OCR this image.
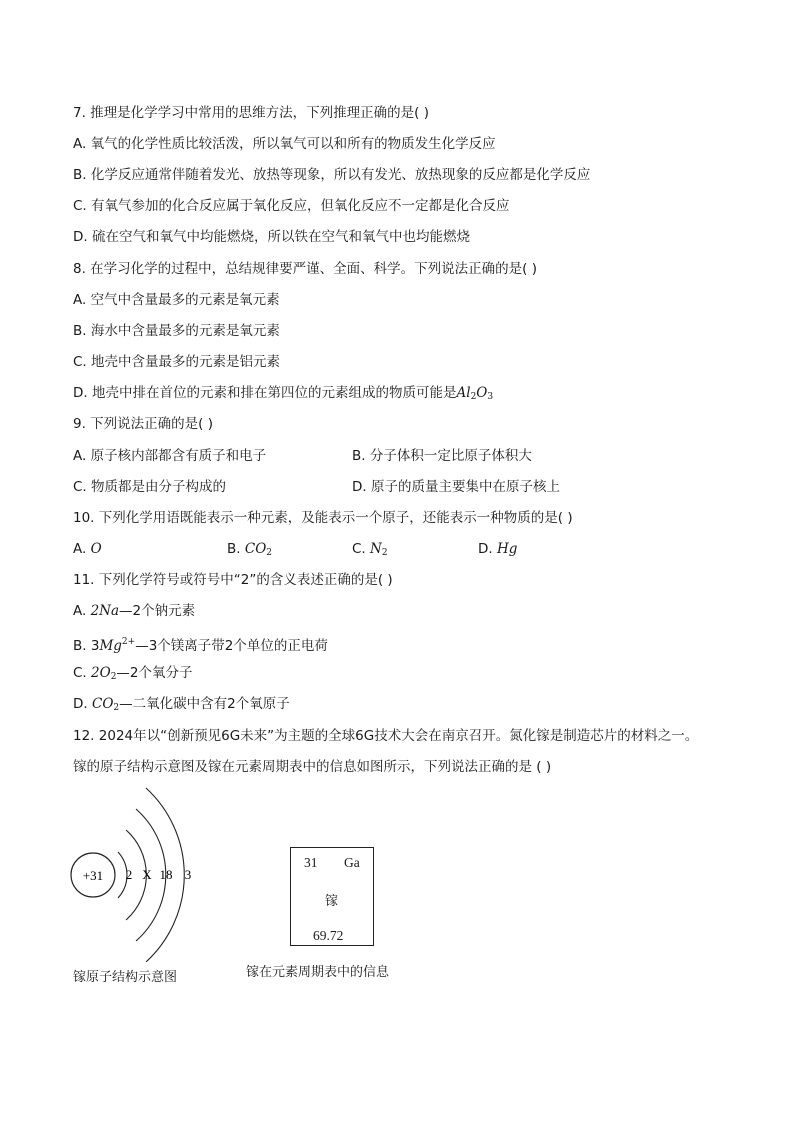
7. 推理是化学学习中常用的思维方法，下列推理正确的是( )
A. 氧气的化学性质比较活泼，所以氧气可以和所有的物质发生化学反应
B. 化学反应通常伴随着发光、放热等现象，所以有发光、放热现象的反应都是化学反应
C. 有氧气参加的化合反应属于氧化反应，但氧化反应不一定都是化合反应
D. 硫在空气和氧气中均能燃烧，所以铁在空气和氧气中也均能燃烧
8. 在学习化学的过程中，总结规律要严谨、全面、科学。下列说法正确的是( )
A. 空气中含量最多的元素是氧元素
B. 海水中含量最多的元素是氧元素
C. 地壳中含量最多的元素是铝元素
D. 地壳中排在首位的元素和排在第四位的元素组成的物质可能是$Al_2O_3$
9. 下列说法正确的是( )
A. 原子核内部都含有质子和电子	B. 分子体积一定比原子体积大
C. 物质都是由分子构成的	D. 原子的质量主要集中在原子核上
10. 下列化学用语既能表示一种元素，及能表示一个原子，还能表示一种物质的是( )
A. O	B. $CO_2$	C. $N_2$	D. Hg
11. 下列化学符号或符号中“2”的含义表述正确的是( )
A. 2Na—2个钠元素
B. $3Mg^{2+}—3$个镁离子带2个单位的正电荷
C. $2O_2—2$个氧分子
D. $CO_2—$二氧化碳中含有2个氧原子
12. 2024年以“创新预见6G未来”为主题的全球6G技术大会在南京召开。氮化镓是制造芯片的材料之一。
镓的原子结构示意图及镓在元素周期表中的信息如图所示，下列说法正确的是 ( )
+31 2 X 18 3
镓原子结构示意图
31 Ga
镓
69.72
镓在元素周期表中的信息
